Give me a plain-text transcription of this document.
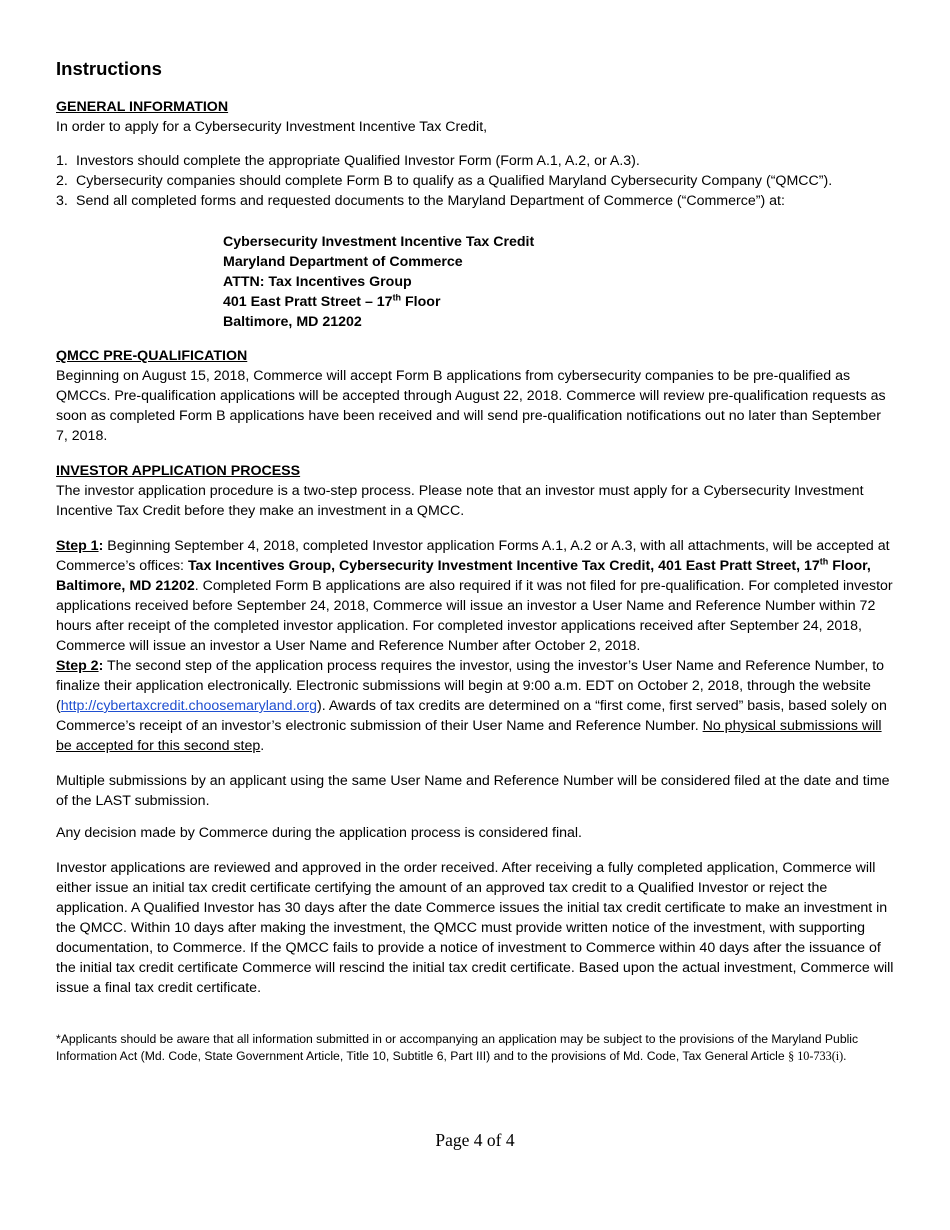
Instructions
GENERAL INFORMATION

In order to apply for a Cybersecurity Investment Incentive Tax Credit,

1. Investors should complete the appropriate Qualified Investor Form (Form A.1, A.2, or A.3).
2. Cybersecurity companies should complete Form B to qualify as a Qualified Maryland Cybersecurity Company (“QMCC”).
3. Send all completed forms and requested documents to the Maryland Department of Commerce (“Commerce”) at:
Cybersecurity Investment Incentive Tax Credit
Maryland Department of Commerce
ATTN: Tax Incentives Group
401 East Pratt Street – 17th Floor
Baltimore, MD 21202
QMCC PRE-QUALIFICATION

Beginning on August 15, 2018, Commerce will accept Form B applications from cybersecurity companies to be pre-qualified as QMCCs. Pre-qualification applications will be accepted through August 22, 2018. Commerce will review pre-qualification requests as soon as completed Form B applications have been received and will send pre-qualification notifications out no later than September 7, 2018.

INVESTOR APPLICATION PROCESS

The investor application procedure is a two-step process. Please note that an investor must apply for a Cybersecurity Investment Incentive Tax Credit before they make an investment in a QMCC.

Step 1: Beginning September 4, 2018, completed Investor application Forms A.1, A.2 or A.3, with all attachments, will be accepted at Commerce’s offices: Tax Incentives Group, Cybersecurity Investment Incentive Tax Credit, 401 East Pratt Street, 17th Floor, Baltimore, MD 21202. Completed Form B applications are also required if it was not filed for pre-qualification. For completed investor applications received before September 24, 2018, Commerce will issue an investor a User Name and Reference Number within 72 hours after receipt of the completed investor application. For completed investor applications received after September 24, 2018, Commerce will issue an investor a User Name and Reference Number after October 2, 2018.

Step 2: The second step of the application process requires the investor, using the investor’s User Name and Reference Number, to finalize their application electronically. Electronic submissions will begin at 9:00 a.m. EDT on October 2, 2018, through the website (http://cybertaxcredit.choosemaryland.org). Awards of tax credits are determined on a “first come, first served” basis, based solely on Commerce’s receipt of an investor’s electronic submission of their User Name and Reference Number. No physical submissions will be accepted for this second step.

Multiple submissions by an applicant using the same User Name and Reference Number will be considered filed at the date and time of the LAST submission.

Any decision made by Commerce during the application process is considered final.

Investor applications are reviewed and approved in the order received. After receiving a fully completed application, Commerce will either issue an initial tax credit certificate certifying the amount of an approved tax credit to a Qualified Investor or reject the application. A Qualified Investor has 30 days after the date Commerce issues the initial tax credit certificate to make an investment in the QMCC. Within 10 days after making the investment, the QMCC must provide written notice of the investment, with supporting documentation, to Commerce. If the QMCC fails to provide a notice of investment to Commerce within 40 days after the issuance of the initial tax credit certificate Commerce will rescind the initial tax credit certificate. Based upon the actual investment, Commerce will issue a final tax credit certificate.

*Applicants should be aware that all information submitted in or accompanying an application may be subject to the provisions of the Maryland Public Information Act (Md. Code, State Government Article, Title 10, Subtitle 6, Part III) and to the provisions of Md. Code, Tax General Article § 10-733(i).
Page 4 of 4
